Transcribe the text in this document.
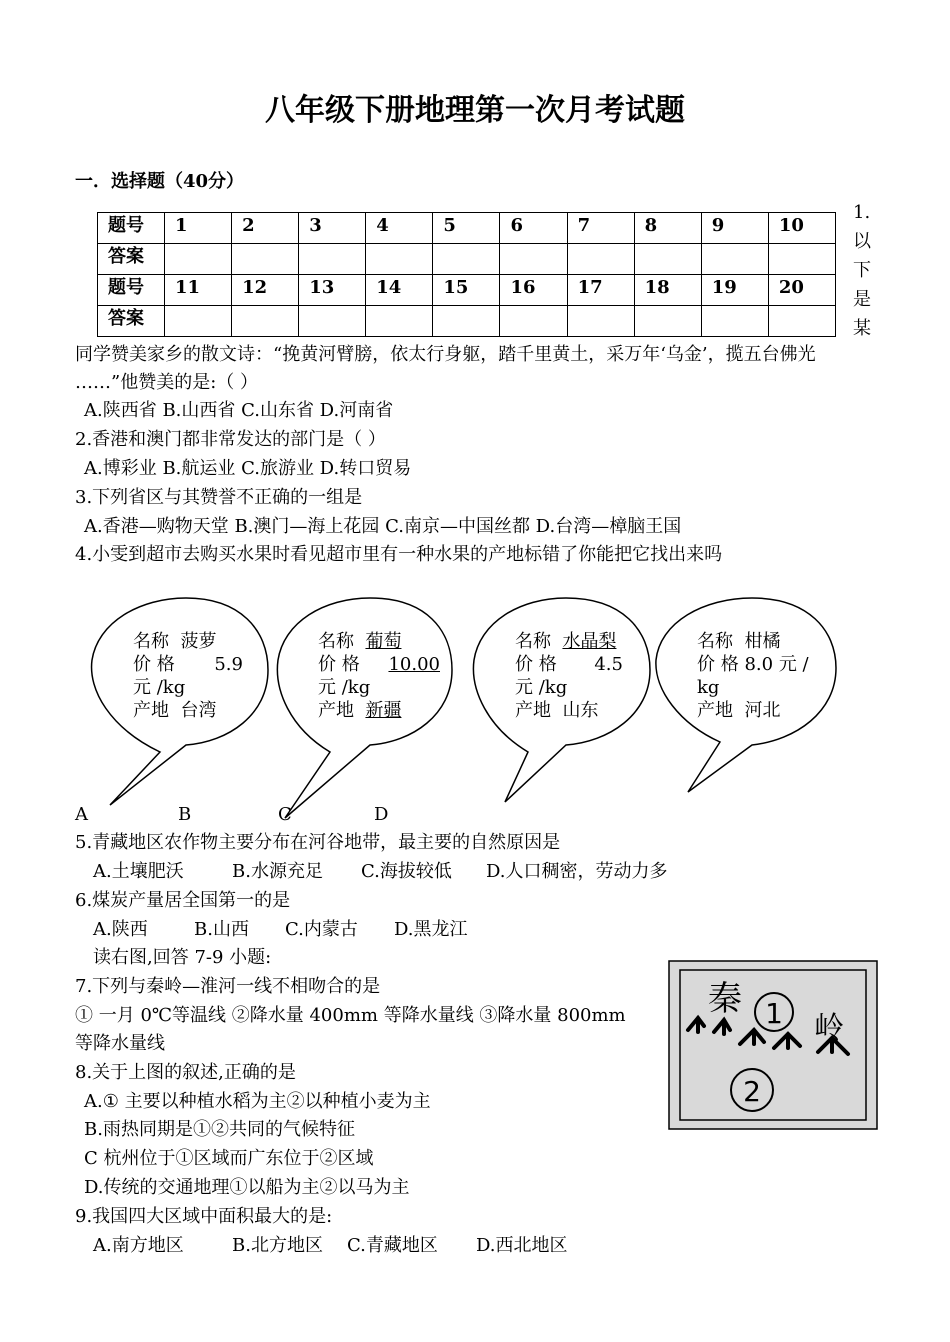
八年级下册地理第一次月考试题
一．选择题（40分）
题号	1	2	3	4	5	6	7	8	9	10
答案										
题号	11	12	13	14	15	16	17	18	19	20
答案										
1.
以
下
是
某
同学赞美家乡的散文诗：“挽黄河臂膀，依太行身躯，踏千里黄土，采万年‘乌金’，揽五台佛光
……”他赞美的是:（ ）
A.陕西省 B.山西省 C.山东省 D.河南省
2.香港和澳门都非常发达的部门是（ ）
A.博彩业 B.航运业 C.旅游业 D.转口贸易
3.下列省区与其赞誉不正确的一组是
A.香港—购物天堂 B.澳门—海上花园 C.南京—中国丝都 D.台湾—樟脑王国
4.小雯到超市去购买水果时看见超市里有一种水果的产地标错了你能把它找出来吗
名称 菠萝
价 格 5.9
元 /kg
产地 台湾
名称 葡萄
价 格 10.00
元 /kg
产地 新疆
名称 水晶梨
价 格 4.5
元 /kg
产地 山东
名称 柑橘
价 格 8.0 元 /
kg
产地 河北
A	B	C	D
5.青藏地区农作物主要分布在河谷地带，最主要的自然原因是
A.土壤肥沃	B.水源充足 C.海拔较低 D.人口稠密，劳动力多
6.煤炭产量居全国第一的是
A.陕西	B.山西 C.内蒙古 D.黑龙江
读右图,回答 7-9 小题:
7.下列与秦岭—淮河一线不相吻合的是
① 一月 0℃等温线 ②降水量 400mm 等降水量线 ③降水量 800mm
等降水量线
8.关于上图的叙述,正确的是
A.① 主要以种植水稻为主②以种植小麦为主
B.雨热同期是①②共同的气候特征
C 杭州位于①区域而广东位于②区域
D.传统的交通地理①以船为主②以马为主
9.我国四大区域中面积最大的是:
A.南方地区	B.北方地区 C.青藏地区 D.西北地区
秦 1 岭
2
